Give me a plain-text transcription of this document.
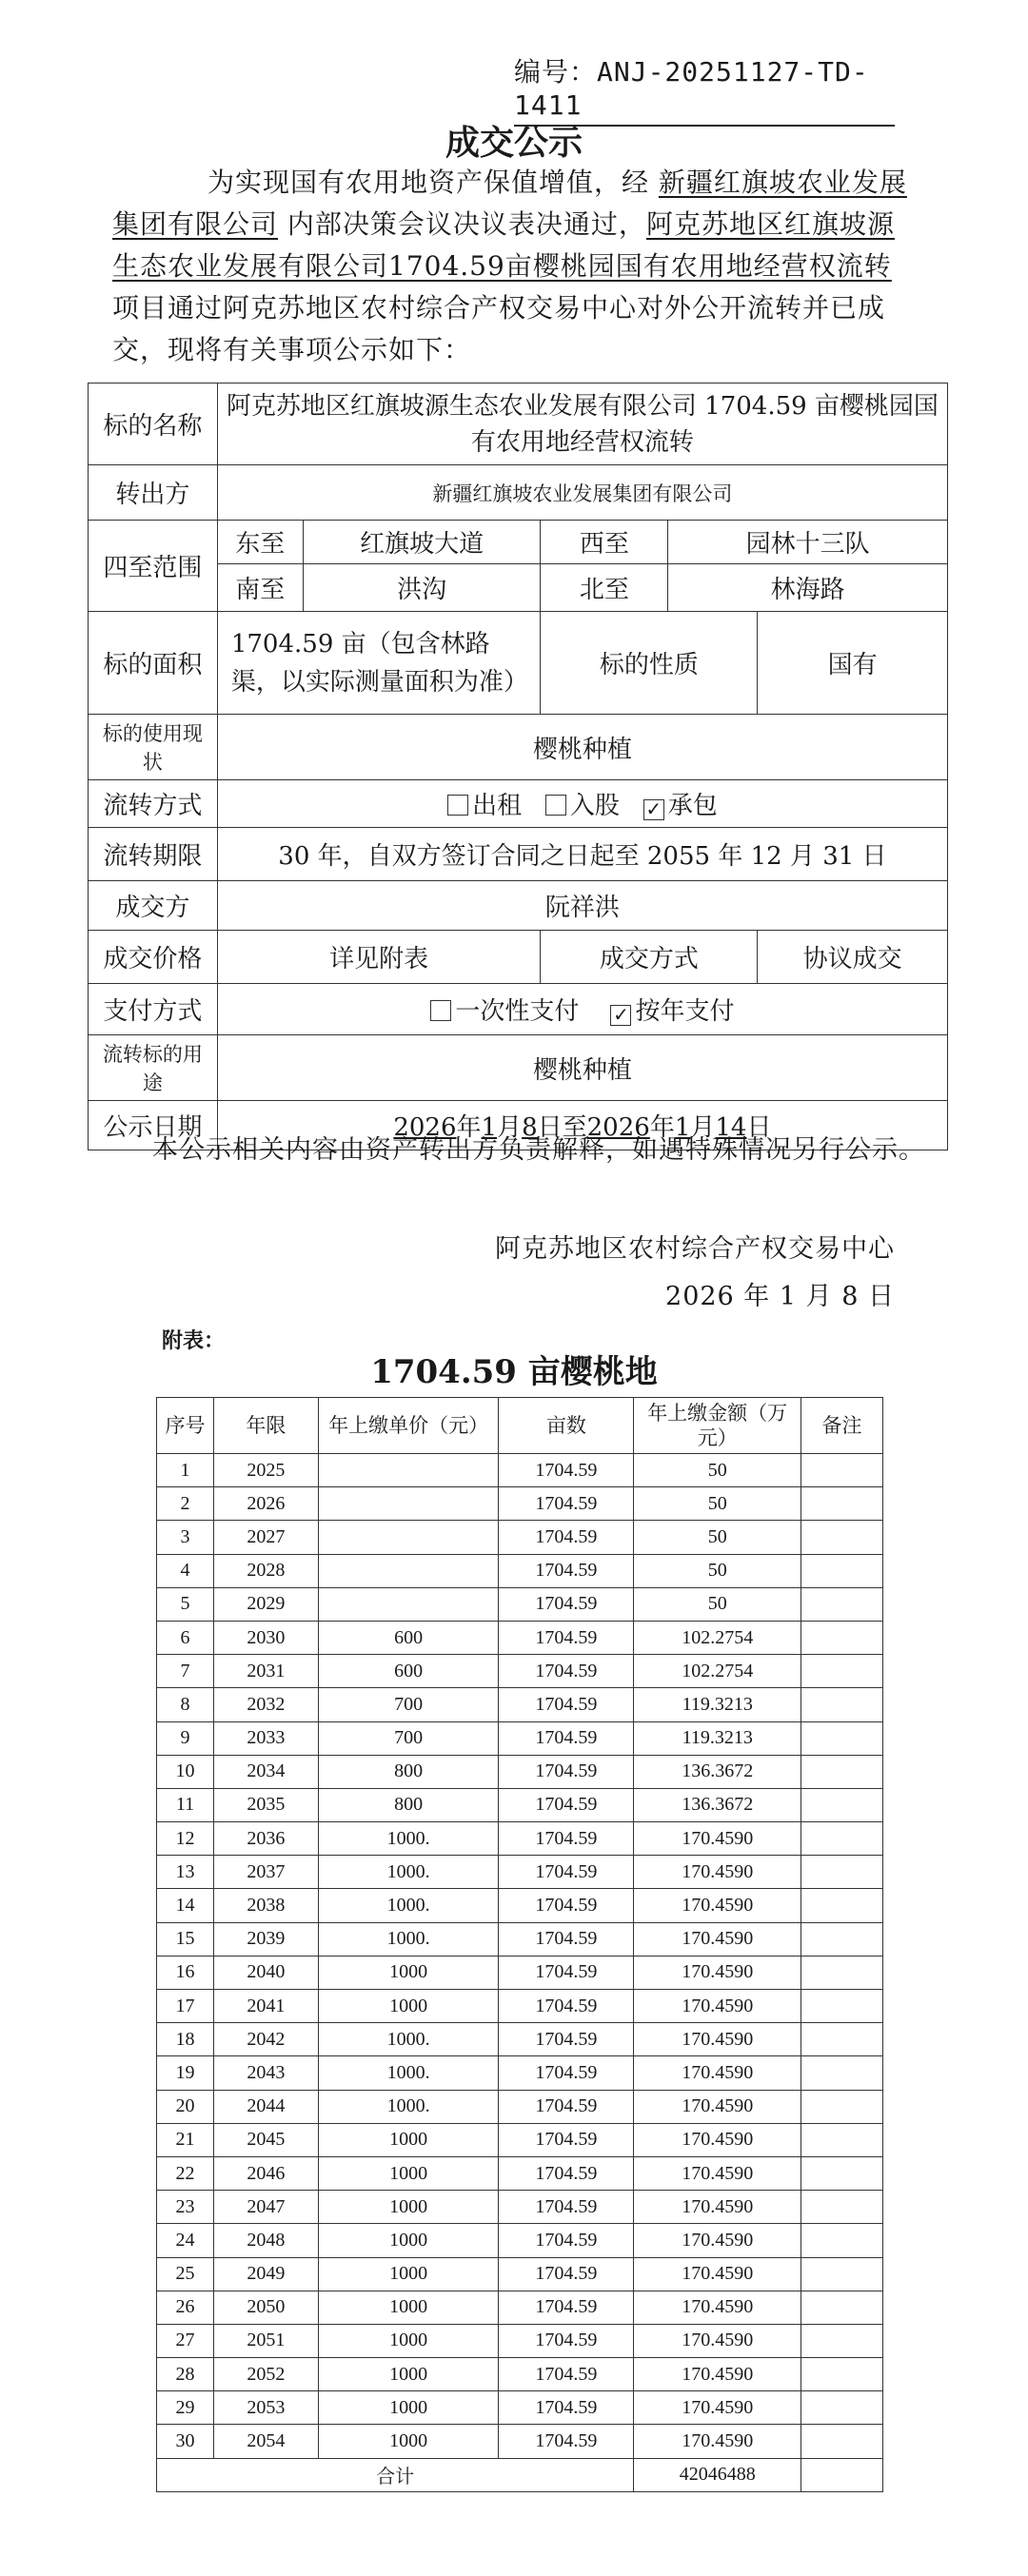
编号：ANJ-20251127-TD-1411
成交公示
为实现国有农用地资产保值增值，经 新疆红旗坡农业发展集团有限公司 内部决策会议决议表决通过，阿克苏地区红旗坡源生态农业发展有限公司1704.59亩樱桃园国有农用地经营权流转 项目通过阿克苏地区农村综合产权交易中心对外公开流转并已成交，现将有关事项公示如下：
标的名称	阿克苏地区红旗坡源生态农业发展有限公司 1704.59 亩樱桃园国有农用地经营权流转				
转出方	新疆红旗坡农业发展集团有限公司				
四至范围	东至	红旗坡大道	西至	园林十三队	
	南至	洪沟	北至	林海路	
标的面积	1704.59 亩（包含林路渠，以实际测量面积为准）		标的性质		国有
标的使用现状	樱桃种植				
流转方式	出租 入股 ✓ 承包				
流转期限	30 年，自双方签订合同之日起至 2055 年 12 月 31 日				
成交方	阮祥洪				
成交价格	详见附表		成交方式		协议成交
支付方式	一次性支付 ✓ 按年支付				
流转标的用途	樱桃种植				
公示日期	2026年1月8日至2026年1月14日				
本公示相关内容由资产转出方负责解释，如遇特殊情况另行公示。
阿克苏地区农村综合产权交易中心
2026 年 1 月 8 日
附表：
1704.59 亩樱桃地
序号	年限	年上缴单价（元）	亩数	年上缴金额（万元）	备注
1	2025		1704.59	50	
2	2026		1704.59	50	
3	2027		1704.59	50	
4	2028		1704.59	50	
5	2029		1704.59	50	
6	2030	600	1704.59	102.2754	
7	2031	600	1704.59	102.2754	
8	2032	700	1704.59	119.3213	
9	2033	700	1704.59	119.3213	
10	2034	800	1704.59	136.3672	
11	2035	800	1704.59	136.3672	
12	2036	1000.	1704.59	170.4590	
13	2037	1000.	1704.59	170.4590	
14	2038	1000.	1704.59	170.4590	
15	2039	1000.	1704.59	170.4590	
16	2040	1000	1704.59	170.4590	
17	2041	1000	1704.59	170.4590	
18	2042	1000.	1704.59	170.4590	
19	2043	1000.	1704.59	170.4590	
20	2044	1000.	1704.59	170.4590	
21	2045	1000	1704.59	170.4590	
22	2046	1000	1704.59	170.4590	
23	2047	1000	1704.59	170.4590	
24	2048	1000	1704.59	170.4590	
25	2049	1000	1704.59	170.4590	
26	2050	1000	1704.59	170.4590	
27	2051	1000	1704.59	170.4590	
28	2052	1000	1704.59	170.4590	
29	2053	1000	1704.59	170.4590	
30	2054	1000	1704.59	170.4590	
合计				42046488	
